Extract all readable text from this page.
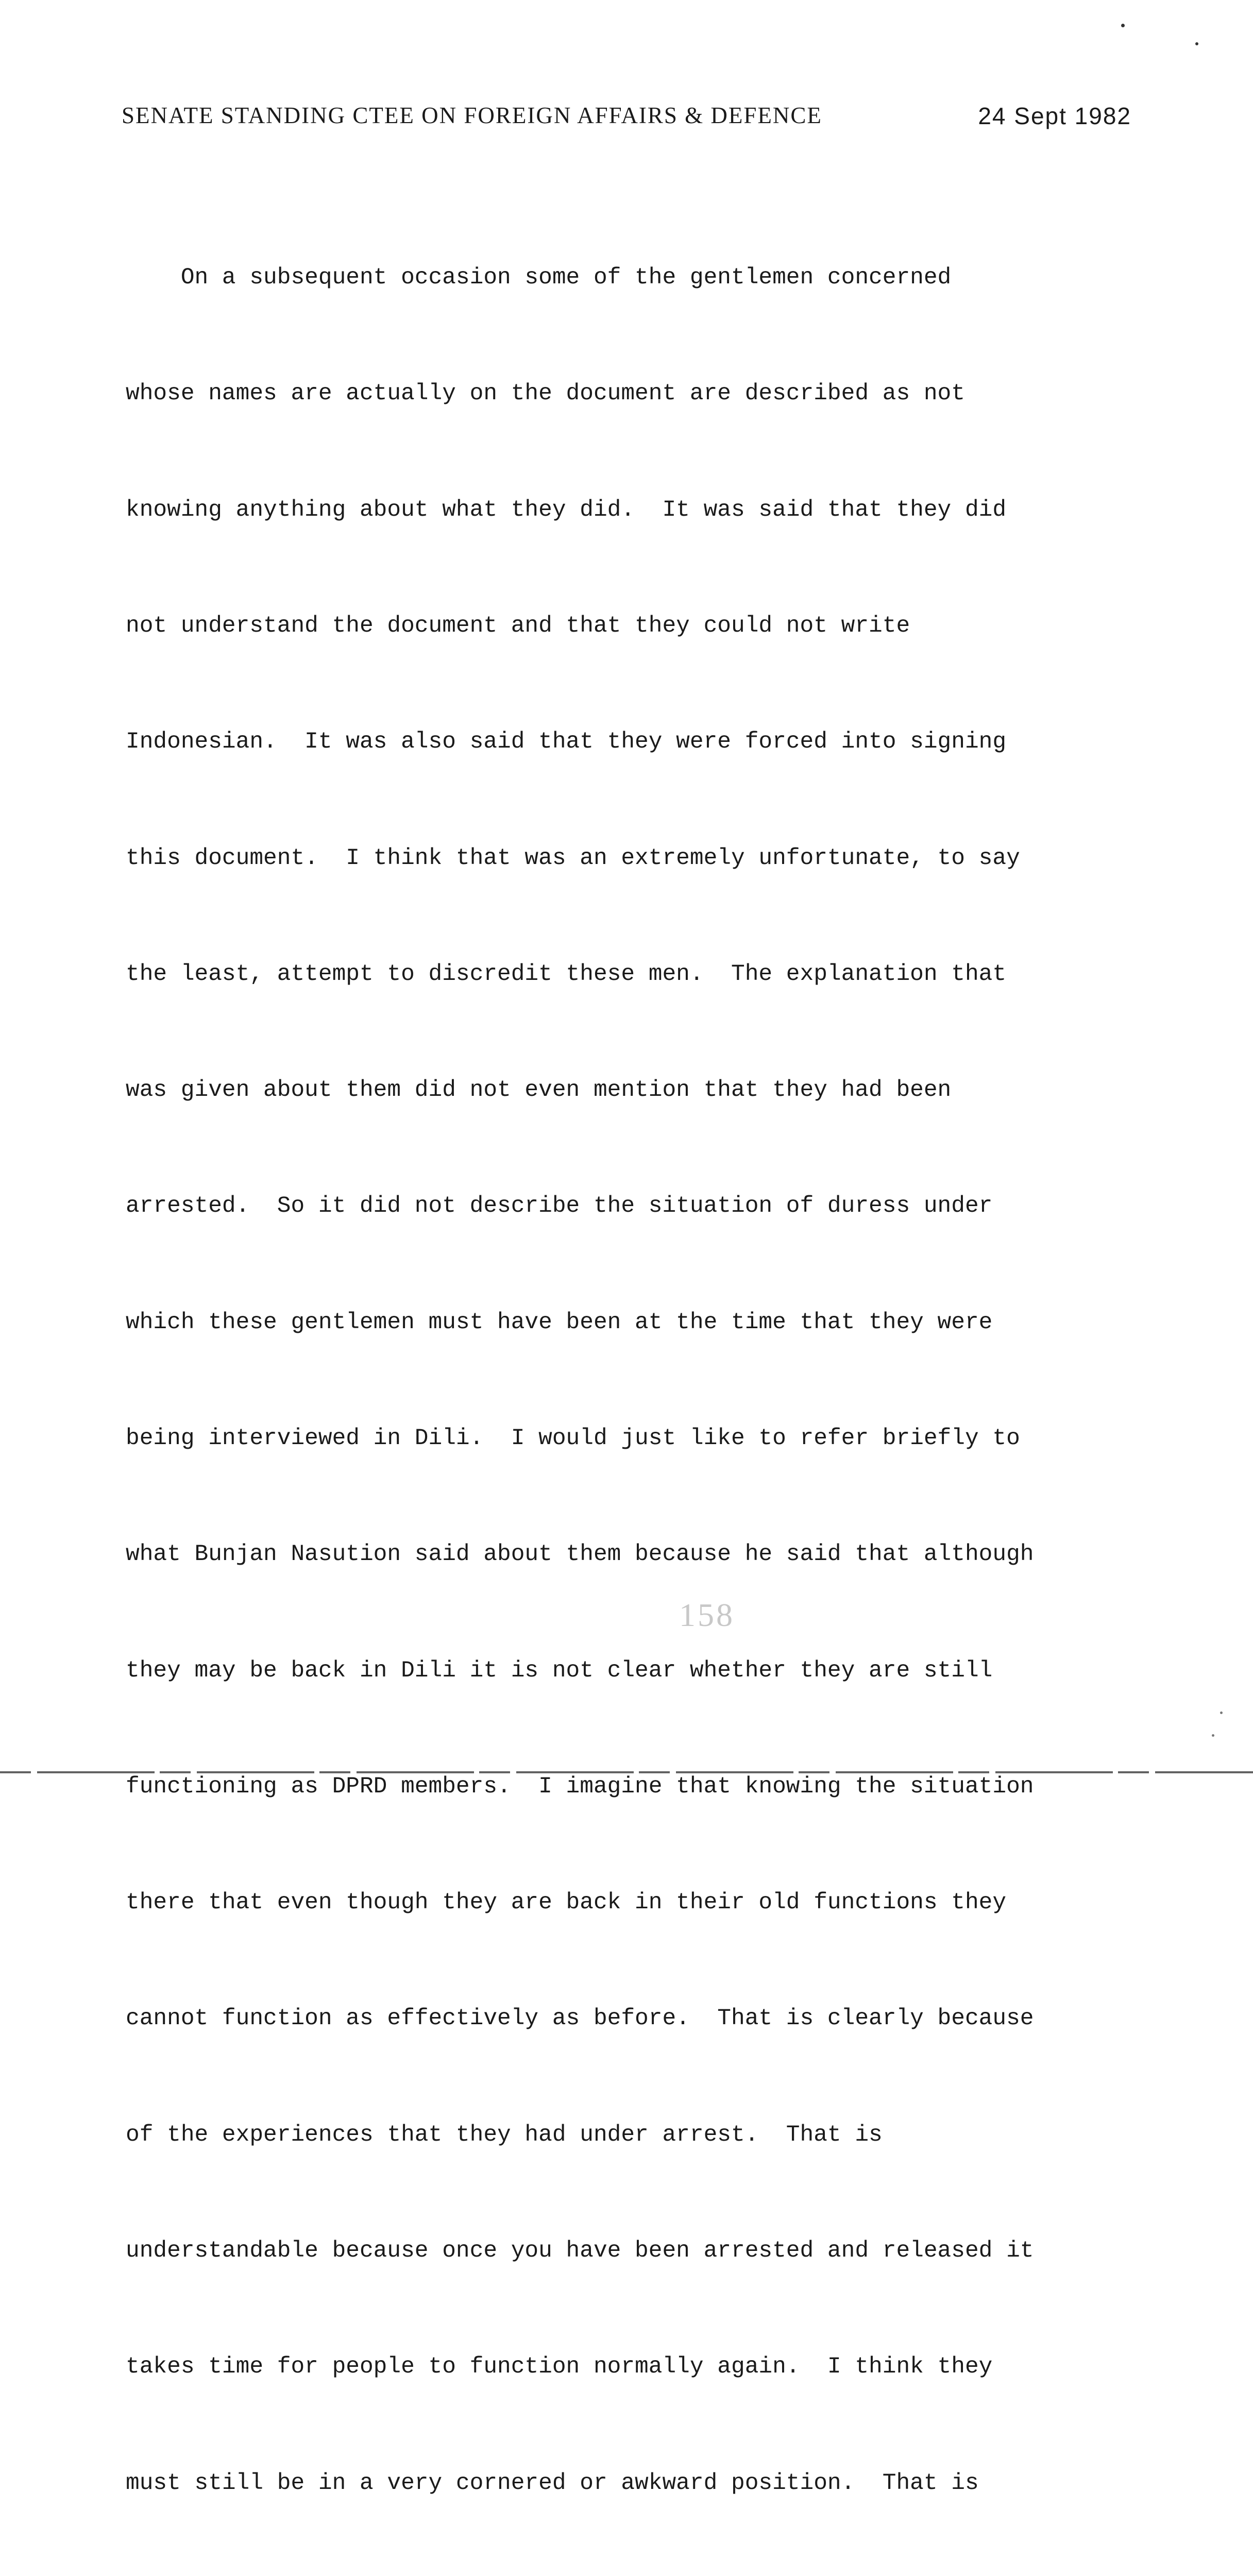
SENATE STANDING CTEE ON FOREIGN AFFAIRS & DEFENCE	24 Sept 1982

On a subsequent occasion some of the gentlemen concerned

whose names are actually on the document are described as not

knowing anything about what they did.  It was said that they did

not understand the document and that they could not write

Indonesian.  It was also said that they were forced into signing

this document.  I think that was an extremely unfortunate, to say

the least, attempt to discredit these men.  The explanation that

was given about them did not even mention that they had been

arrested.  So it did not describe the situation of duress under

which these gentlemen must have been at the time that they were

being interviewed in Dili.  I would just like to refer briefly to

what Bunjan Nasution said about them because he said that although

they may be back in Dili it is not clear whether they are still

functioning as DPRD members.  I imagine that knowing the situation

there that even though they are back in their old functions they

cannot function as effectively as before.  That is clearly because

of the experiences that they had under arrest.  That is

understandable because once you have been arrested and released it

takes time for people to function normally again.  I think they

must still be in a very cornered or awkward position.  That is

158
